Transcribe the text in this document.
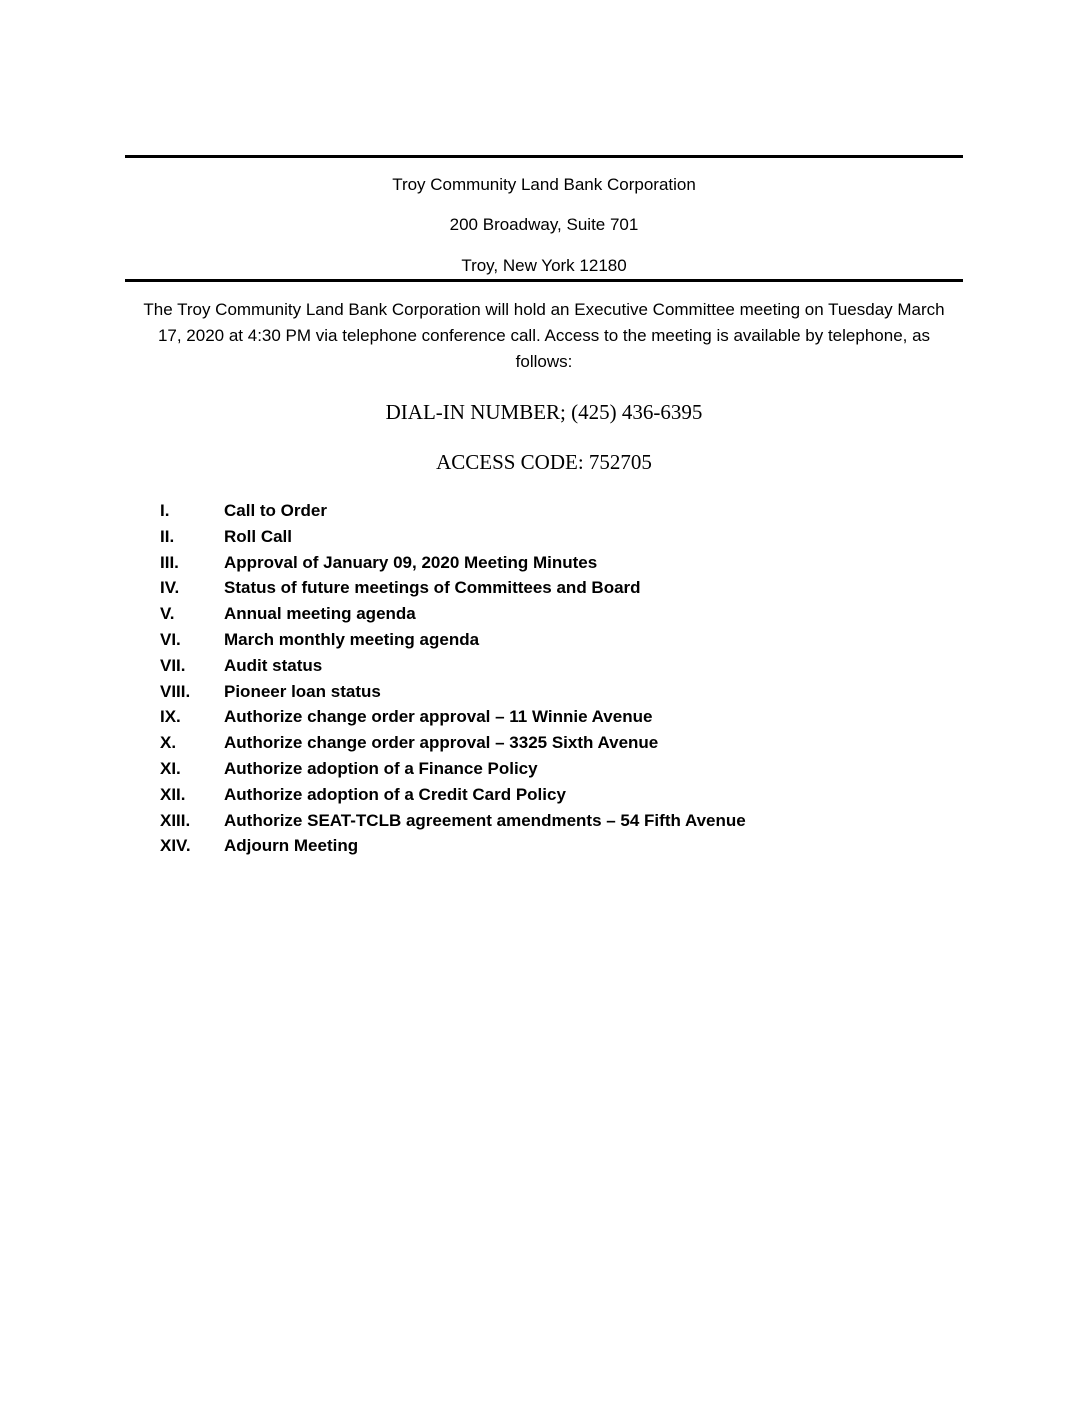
Troy Community Land Bank Corporation
200 Broadway, Suite 701
Troy, New York 12180

The Troy Community Land Bank Corporation will hold an Executive Committee meeting on Tuesday March 17, 2020 at 4:30 PM via telephone conference call. Access to the meeting is available by telephone, as follows:

DIAL-IN NUMBER; (425) 436-6395
ACCESS CODE: 752705
I.	Call to Order
II.	Roll Call
III.	Approval of January 09, 2020 Meeting Minutes
IV.	Status of future meetings of Committees and Board
V.	Annual meeting agenda
VI.	March monthly meeting agenda
VII. Audit status
VIII. Pioneer loan status
IX.	Authorize change order approval – 11 Winnie Avenue
X.	Authorize change order approval – 3325 Sixth Avenue
XI.	Authorize adoption of a Finance Policy
XII. Authorize adoption of a Credit Card Policy
XIII. Authorize SEAT-TCLB agreement amendments – 54 Fifth Avenue
XIV. Adjourn Meeting
